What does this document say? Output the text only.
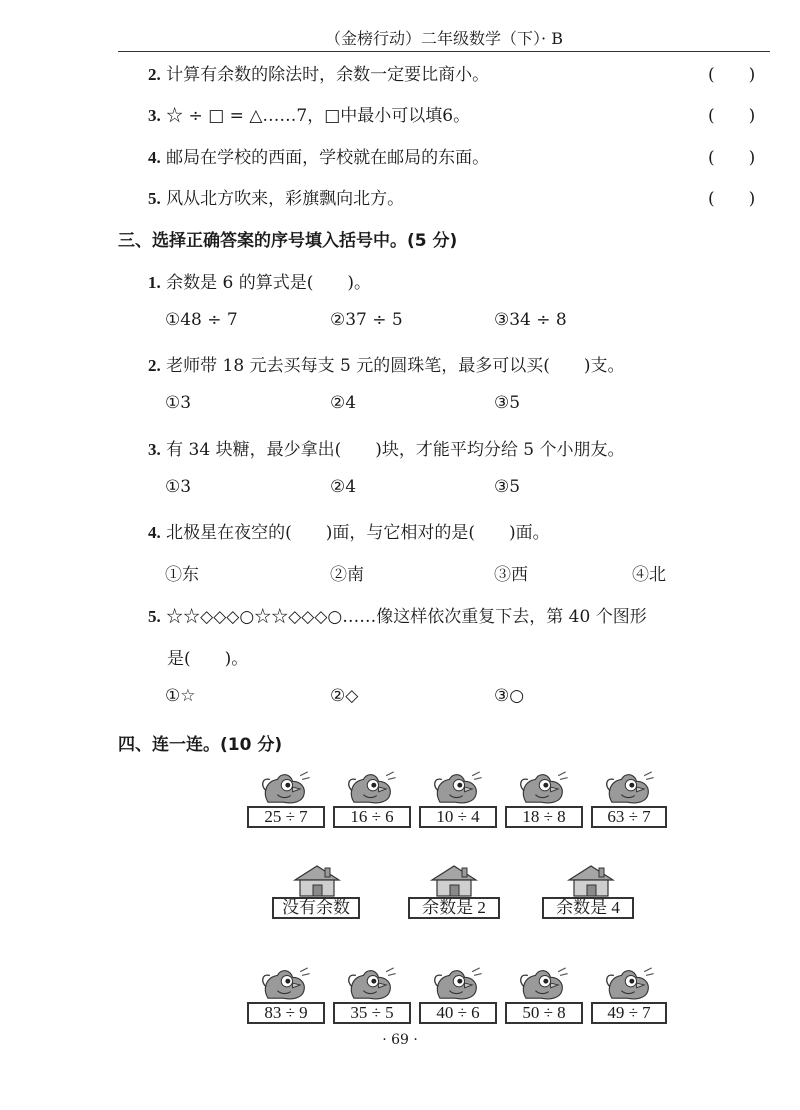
（金榜行动）二年级数学（下）· B
2. 计算有余数的除法时，余数一定要比商小。	(　　)
3. ☆ ÷ □ = △……7，□中最小可以填6。	(　　)
4. 邮局在学校的西面，学校就在邮局的东面。	(　　)
5. 风从北方吹来，彩旗飘向北方。	(　　)
三、选择正确答案的序号填入括号中。(5 分)
1. 余数是 6 的算式是(　　)。
①48 ÷ 7	②37 ÷ 5	③34 ÷ 8
2. 老师带 18 元去买每支 5 元的圆珠笔，最多可以买(　　)支。
①3	②4	③5
3. 有 34 块糖，最少拿出(　　)块，才能平均分给 5 个小朋友。
①3	②4	③5
4. 北极星在夜空的(　　)面，与它相对的是(　　)面。
①东	②南	③西	④北
5. ☆☆◇◇◇○☆☆◇◇◇○……像这样依次重复下去，第 40 个图形
是(　　)。
①☆	②◇	③○
四、连一连。(10 分)
25 ÷ 7	16 ÷ 6	10 ÷ 4	18 ÷ 8	63 ÷ 7
没有余数	余数是 2	余数是 4
83 ÷ 9	35 ÷ 5	40 ÷ 6	50 ÷ 8	49 ÷ 7
· 69 ·
